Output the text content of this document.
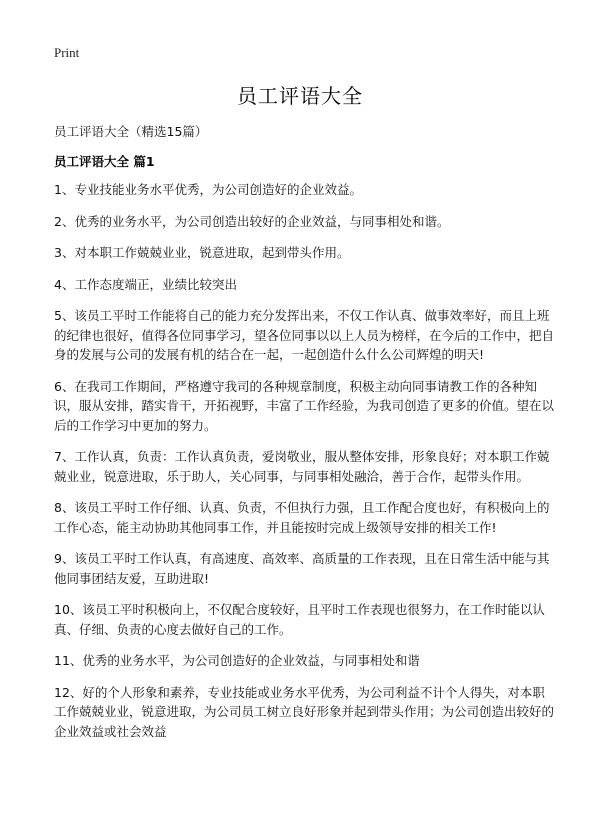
Print
员工评语大全
员工评语大全（精选15篇）
员工评语大全 篇1

1、专业技能业务水平优秀，为公司创造好的企业效益。

2、优秀的业务水平，为公司创造出较好的企业效益，与同事相处和谐。

3、对本职工作兢兢业业，锐意进取，起到带头作用。

4、工作态度端正，业绩比较突出

5、该员工平时工作能将自己的能力充分发挥出来，不仅工作认真、做事效率好，而且上班的纪律也很好，值得各位同事学习，望各位同事以以上人员为榜样，在今后的工作中，把自身的发展与公司的发展有机的结合在一起，一起创造什么什么公司辉煌的明天!

6、在我司工作期间，严格遵守我司的各种规章制度，积极主动向同事请教工作的各种知识，服从安排，踏实肯干，开拓视野，丰富了工作经验，为我司创造了更多的价值。望在以后的工作学习中更加的努力。

7、工作认真，负责：工作认真负责，爱岗敬业，服从整体安排，形象良好；对本职工作兢兢业业，锐意进取，乐于助人，关心同事，与同事相处融洽，善于合作，起带头作用。

8、该员工平时工作仔细、认真、负责，不但执行力强，且工作配合度也好，有积极向上的工作心态，能主动协助其他同事工作，并且能按时完成上级领导安排的相关工作!

9、该员工平时工作认真，有高速度、高效率、高质量的工作表现，且在日常生活中能与其他同事团结友爱，互助进取!

10、该员工平时积极向上，不仅配合度较好，且平时工作表现也很努力，在工作时能以认真、仔细、负责的心度去做好自己的工作。

11、优秀的业务水平，为公司创造好的企业效益，与同事相处和谐

12、好的个人形象和素养，专业技能或业务水平优秀，为公司利益不计个人得失，对本职工作兢兢业业，锐意进取，为公司员工树立良好形象并起到带头作用；为公司创造出较好的企业效益或社会效益
